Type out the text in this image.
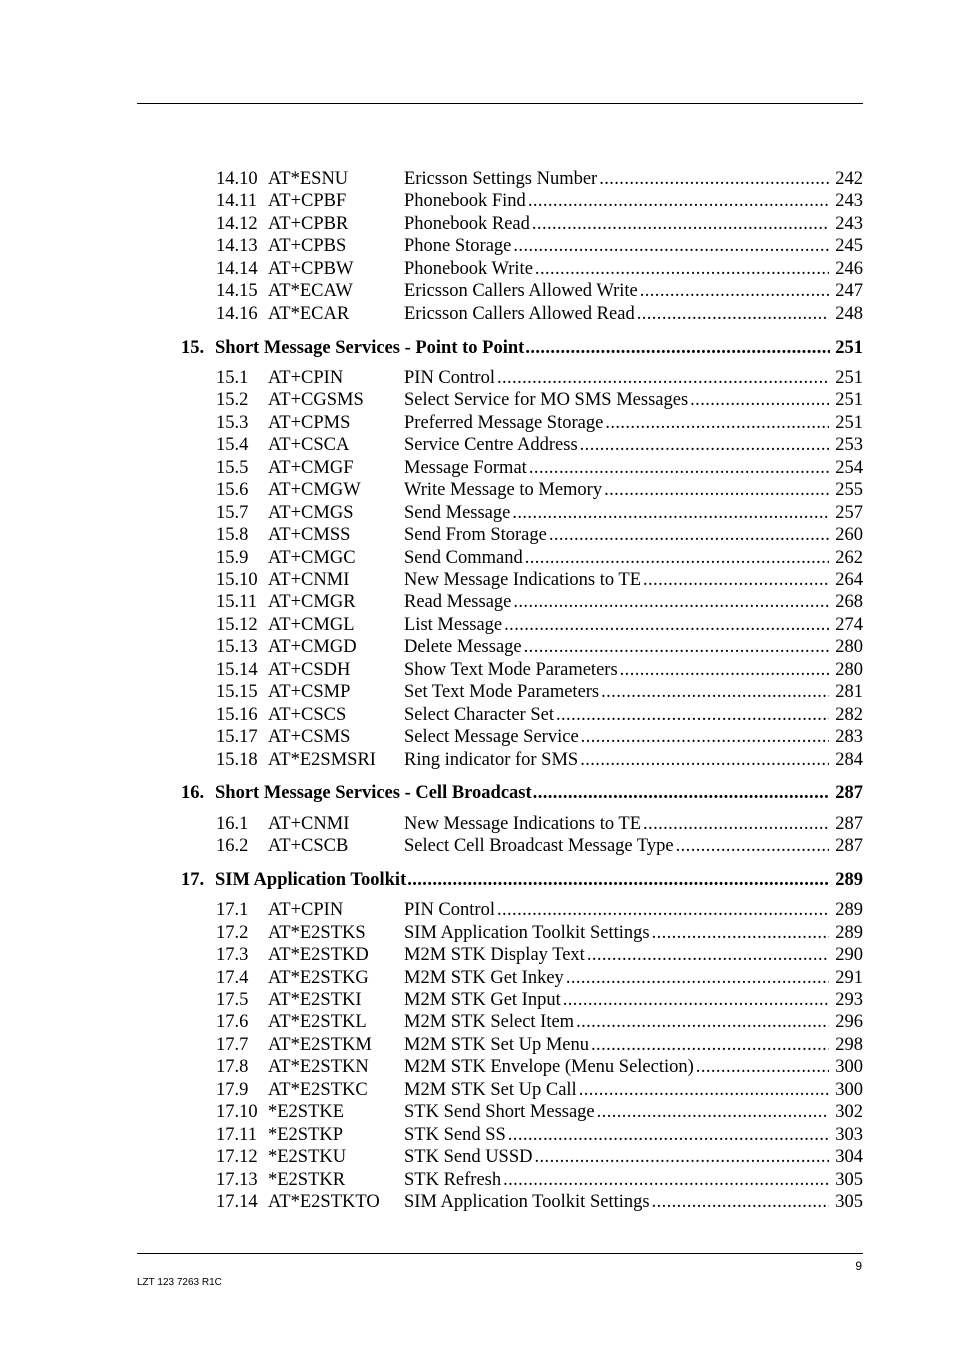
14.10 AT*ESNU	Ericsson Settings Number .....	242
14.11 AT+CPBF	Phonebook Find .....	243
14.12 AT+CPBR	Phonebook Read .....	243
14.13 AT+CPBS	Phone Storage .....	245
14.14 AT+CPBW	Phonebook Write .....	246
14.15 AT*ECAW	Ericsson Callers Allowed Write .....	247
14.16 AT*ECAR	Ericsson Callers Allowed Read .....	248
15. Short Message Services - Point to Point .....	251
15.1 AT+CPIN	PIN Control .....	251
15.2 AT+CGSMS Select Service for MO SMS Messages .....	251
15.3 AT+CPMS	Preferred Message Storage .....	251
15.4 AT+CSCA	Service Centre Address .....	253
15.5 AT+CMGF	Message Format .....	254
15.6 AT+CMGW Write Message to Memory .....	255
15.7 AT+CMGS	Send Message .....	257
15.8 AT+CMSS	Send From Storage .....	260
15.9 AT+CMGC	Send Command .....	262
15.10 AT+CNMI	New Message Indications to TE .....	264
15.11 AT+CMGR	Read Message .....	268
15.12 AT+CMGL	List Message .....	274
15.13 AT+CMGD	Delete Message .....	280
15.14 AT+CSDH	Show Text Mode Parameters .....	280
15.15 AT+CSMP	Set Text Mode Parameters .....	281
15.16 AT+CSCS	Select Character Set .....	282
15.17 AT+CSMS	Select Message Service .....	283
15.18 AT*E2SMSRI Ring indicator for SMS .....	284
16. Short Message Services - Cell Broadcast .....	287
16.1 AT+CNMI	New Message Indications to TE .....	287
16.2 AT+CSCB	Select Cell Broadcast Message Type .....	287
17. SIM Application Toolkit .....	289
17.1 AT+CPIN	PIN Control .....	289
17.2 AT*E2STKS SIM Application Toolkit Settings .....	289
17.3 AT*E2STKD M2M STK Display Text .....	290
17.4 AT*E2STKG M2M STK Get Inkey .....	291
17.5 AT*E2STKI M2M STK Get Input .....	293
17.6 AT*E2STKL M2M STK Select Item .....	296
17.7 AT*E2STKM M2M STK Set Up Menu .....	298
17.8 AT*E2STKN M2M STK Envelope (Menu Selection) .....	300
17.9 AT*E2STKC M2M STK Set Up Call .....	300
17.10 *E2STKE	STK Send Short Message .....	302
17.11 *E2STKP	STK Send SS .....	303
17.12 *E2STKU	STK Send USSD .....	304
17.13 *E2STKR	STK Refresh .....	305
17.14 AT*E2STKTO SIM Application Toolkit Settings .....	305
9
LZT 123 7263 R1C
